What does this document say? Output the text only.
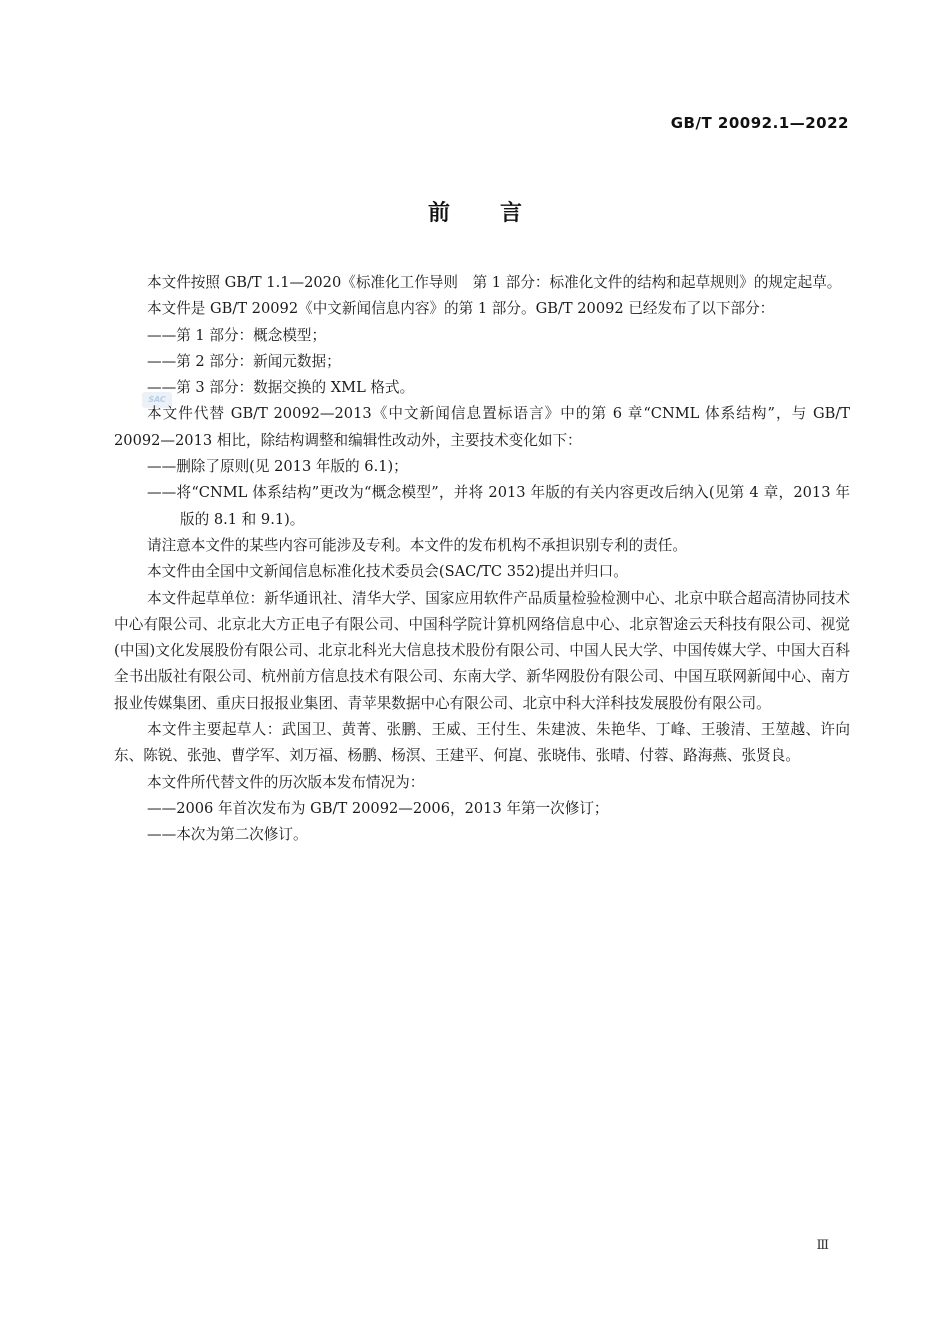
GB/T 20092.1—2022
前言
SAC

本文件按照 GB/T 1.1—2020《标准化工作导则　第 1 部分：标准化文件的结构和起草规则》的规定起草。

本文件是 GB/T 20092《中文新闻信息内容》的第 1 部分。GB/T 20092 已经发布了以下部分：

——第 1 部分：概念模型；

——第 2 部分：新闻元数据；

——第 3 部分：数据交换的 XML 格式。

本文件代替 GB/T 20092—2013《中文新闻信息置标语言》中的第 6 章“CNML 体系结构”，与 GB/T 20092—2013 相比，除结构调整和编辑性改动外，主要技术变化如下：

——删除了原则(见 2013 年版的 6.1)；

——将“CNML 体系结构”更改为“概念模型”，并将 2013 年版的有关内容更改后纳入(见第 4 章，2013 年版的 8.1 和 9.1)。

请注意本文件的某些内容可能涉及专利。本文件的发布机构不承担识别专利的责任。

本文件由全国中文新闻信息标准化技术委员会(SAC/TC 352)提出并归口。

本文件起草单位：新华通讯社、清华大学、国家应用软件产品质量检验检测中心、北京中联合超高清协同技术中心有限公司、北京北大方正电子有限公司、中国科学院计算机网络信息中心、北京智途云天科技有限公司、视觉(中国)文化发展股份有限公司、北京北科光大信息技术股份有限公司、中国人民大学、中国传媒大学、中国大百科全书出版社有限公司、杭州前方信息技术有限公司、东南大学、新华网股份有限公司、中国互联网新闻中心、南方报业传媒集团、重庆日报报业集团、青苹果数据中心有限公司、北京中科大洋科技发展股份有限公司。

本文件主要起草人：武国卫、黄菁、张鹏、王威、王付生、朱建波、朱艳华、丁峰、王骏清、王堃越、许向东、陈锐、张弛、曹学军、刘万福、杨鹏、杨溟、王建平、何崑、张晓伟、张晴、付蓉、路海燕、张贤良。

本文件所代替文件的历次版本发布情况为：

——2006 年首次发布为 GB/T 20092—2006，2013 年第一次修订；

——本次为第二次修订。

Ⅲ
